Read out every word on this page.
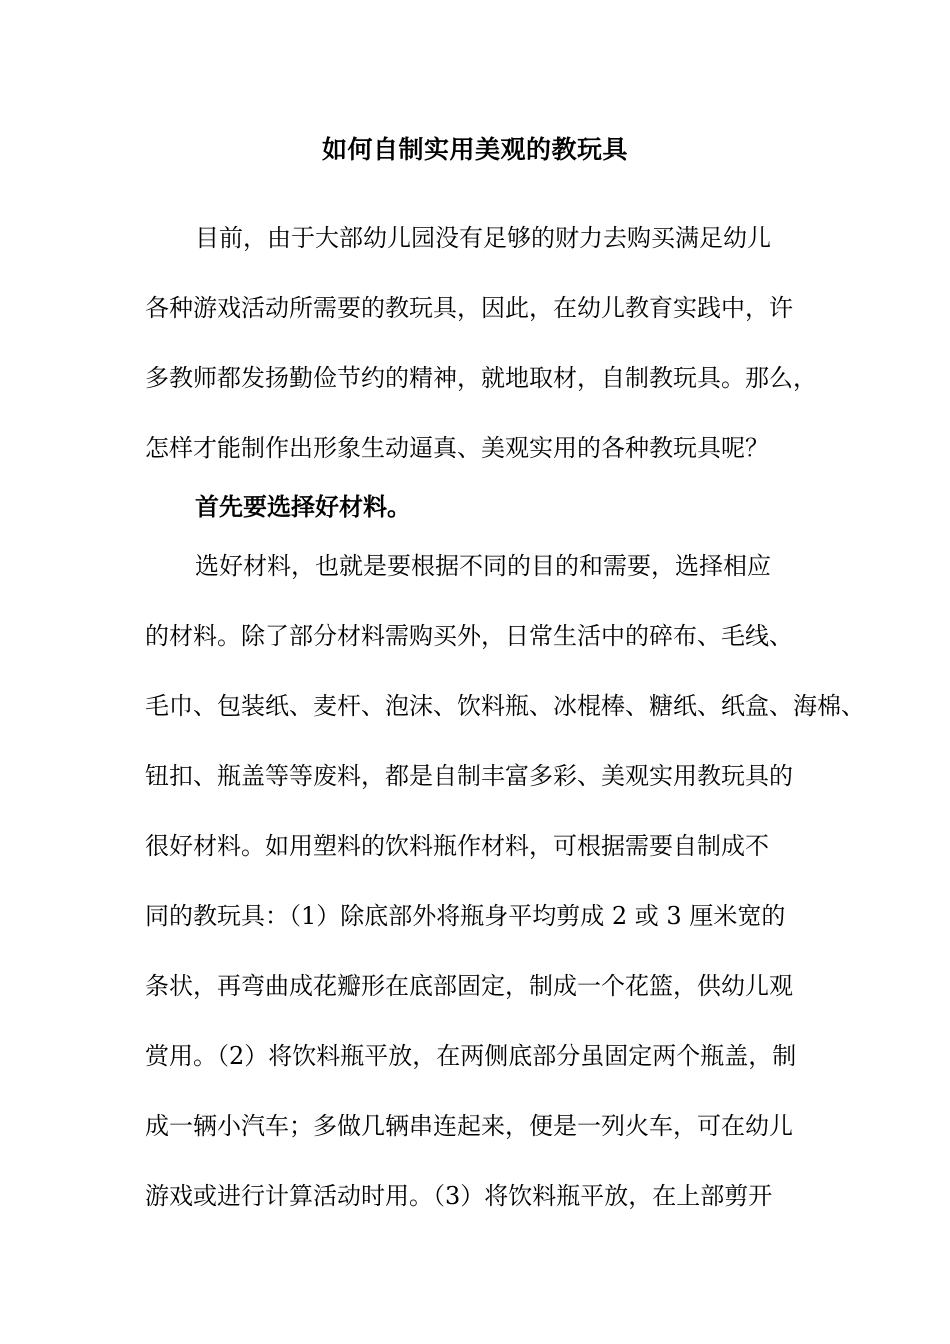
如何自制实用美观的教玩具
目前，由于大部幼儿园没有足够的财力去购买满足幼儿
各种游戏活动所需要的教玩具，因此，在幼儿教育实践中，许
多教师都发扬勤俭节约的精神，就地取材，自制教玩具。那么，
怎样才能制作出形象生动逼真、美观实用的各种教玩具呢？
首先要选择好材料。
选好材料，也就是要根据不同的目的和需要，选择相应
的材料。除了部分材料需购买外，日常生活中的碎布、毛线、
毛巾、包装纸、麦杆、泡沫、饮料瓶、冰棍棒、糖纸、纸盒、海棉、
钮扣、瓶盖等等废料，都是自制丰富多彩、美观实用教玩具的
很好材料。如用塑料的饮料瓶作材料，可根据需要自制成不
同的教玩具：（1）除底部外将瓶身平均剪成 2 或 3 厘米宽的
条状，再弯曲成花瓣形在底部固定，制成一个花篮，供幼儿观
赏用。（2）将饮料瓶平放，在两侧底部分虽固定两个瓶盖，制
成一辆小汽车；多做几辆串连起来，便是一列火车，可在幼儿
游戏或进行计算活动时用。（3）将饮料瓶平放，在上部剪开
